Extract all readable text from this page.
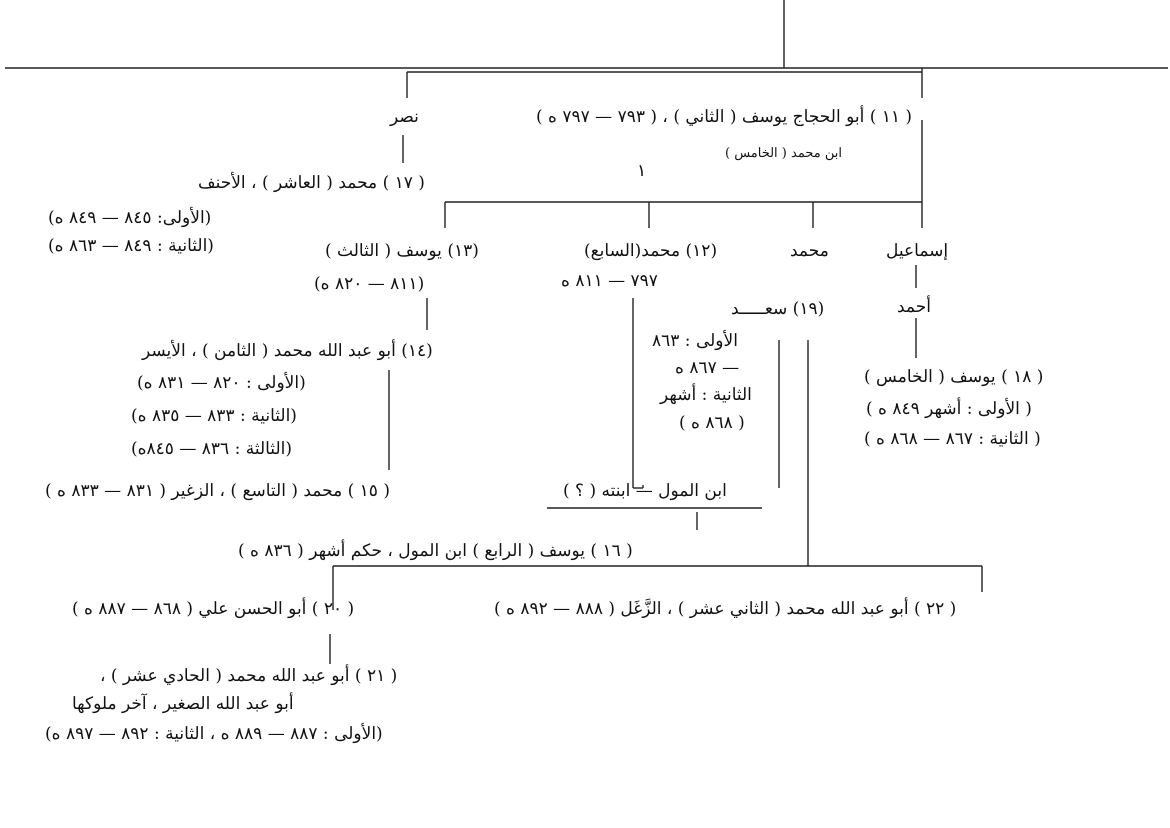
( ١١ ) أبو الحجاج يوسف ( الثاني ) ، ( ٧٩٣ — ٧٩٧ ه )
ابن محمد ( الخامس )
نصر
١
( ١٧ ) محمد ( العاشر ) ، الأحنف
(الأولى: ٨٤٥ — ٨٤٩ ه)
(الثانية : ٨٤٩ — ٨٦٣ ه)	إسماعيل
محمد
(١٢) محمد(السابع)
٧٩٧ — ٨١١ ه
(١٣) يوسف ( الثالث )
(٨١١ — ٨٢٠ ه)
أحمد
(١٩) سعـــــد
الأولى : ٨٦٣
— ٨٦٧ ه
الثانية : أشهر
( ٨٦٨ ه )
( ١٨ ) يوسف ( الخامس )
( الأولى : أشهر ٨٤٩ ه )
( الثانية : ٨٦٧ — ٨٦٨ ه )
(١٤) أبو عبد الله محمد ( الثامن ) ، الأيسر
(الأولى : ٨٢٠ — ٨٣١ ه)
(الثانية : ٨٣٣ — ٨٣٥ ه)
(الثالثة : ٨٣٦ — ٨٤٥ه)
( ١٥ ) محمد ( التاسع ) ، الزغير ( ٨٣١ — ٨٣٣ ه )	ابن المول — ابنته ( ؟ )
( ١٦ ) يوسف ( الرابع ) ابن المول ، حكم أشهر ( ٨٣٦ ه )
( ٢٠ ) أبو الحسن علي ( ٨٦٨ — ٨٨٧ ه )	( ٢٢ ) أبو عبد الله محمد ( الثاني عشر ) ، الزَّغَل ( ٨٨٨ — ٨٩٢ ه )
( ٢١ ) أبو عبد الله محمد ( الحادي عشر ) ،
أبو عبد الله الصغير ، آخر ملوكها
(الأولى : ٨٨٧ — ٨٨٩ ه ، الثانية : ٨٩٢ — ٨٩٧ ه)
